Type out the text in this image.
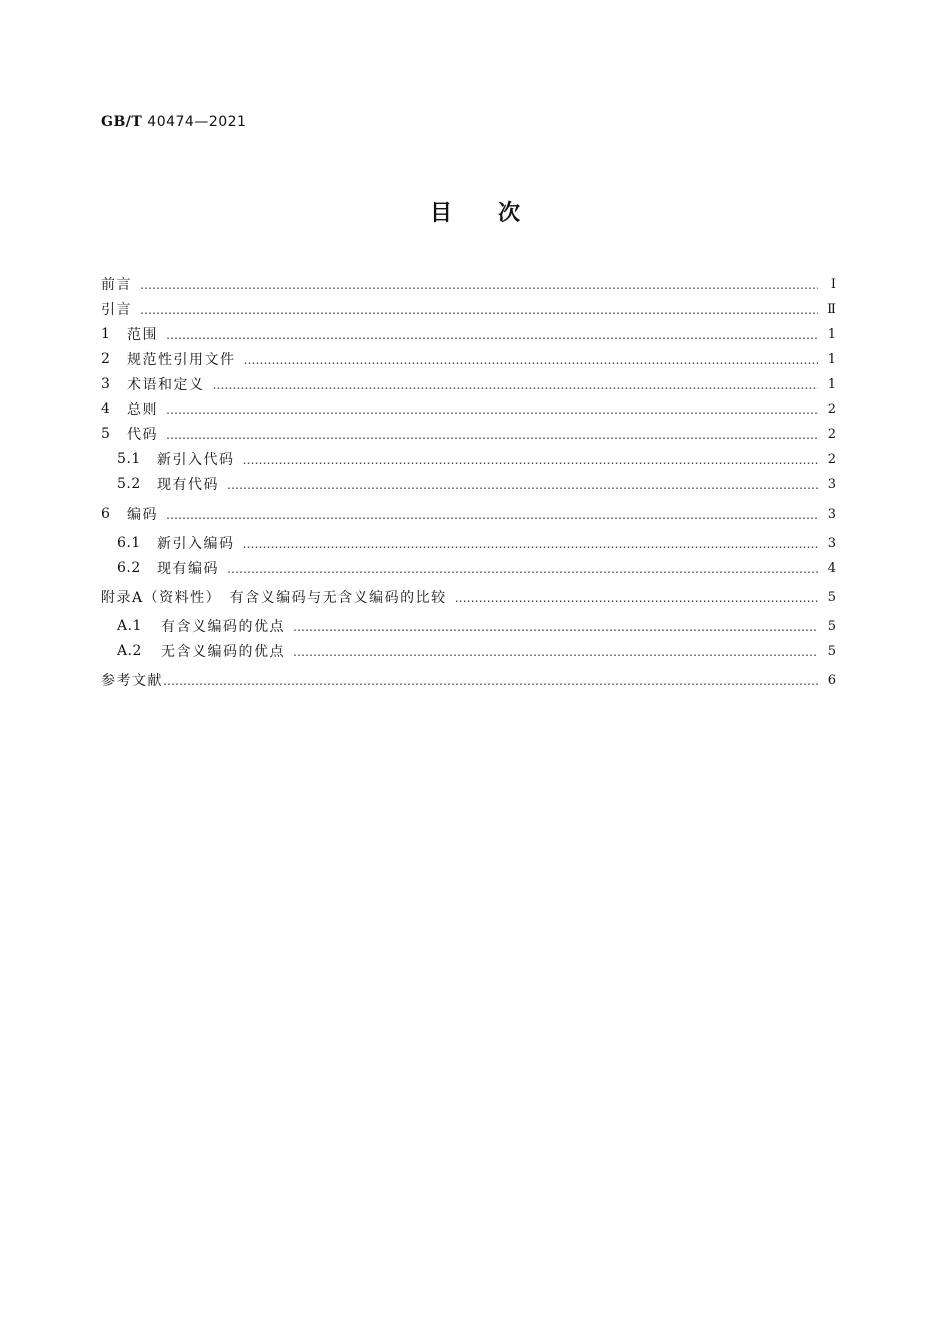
GB/T 40474—2021
目 次
前言 ………………………………………………………………………………………………………………………………………………………………………………………………………	Ⅰ
引言 ………………………………………………………………………………………………………………………………………………………………………………………………………	Ⅱ
1	范围 ………………………………………………………………………………………………………………………………………………………………………………………………………	1
2	规范性引用文件 ………………………………………………………………………………………………………………………………………………………………………………………………………	1
3	术语和定义 ………………………………………………………………………………………………………………………………………………………………………………………………………	1
4	总则 ………………………………………………………………………………………………………………………………………………………………………………………………………	2
5	代码 ………………………………………………………………………………………………………………………………………………………………………………………………………	2
5.1	新引入代码 ………………………………………………………………………………………………………………………………………………………………………………………………………	2
5.2	现有代码 ………………………………………………………………………………………………………………………………………………………………………………………………………	3
6	编码 ………………………………………………………………………………………………………………………………………………………………………………………………………	3
6.1	新引入编码 ………………………………………………………………………………………………………………………………………………………………………………………………………	3
6.2	现有编码 ………………………………………………………………………………………………………………………………………………………………………………………………………	4
附录A（资料性）　有含义编码与无含义编码的比较 ………………………………………………………………………………………………………………………………………………………………………………………………………	5
A.1	有含义编码的优点 ………………………………………………………………………………………………………………………………………………………………………………………………………	5
A.2	无含义编码的优点 ………………………………………………………………………………………………………………………………………………………………………………………………………	5
参考文献 ………………………………………………………………………………………………………………………………………………………………………………………………………	6
